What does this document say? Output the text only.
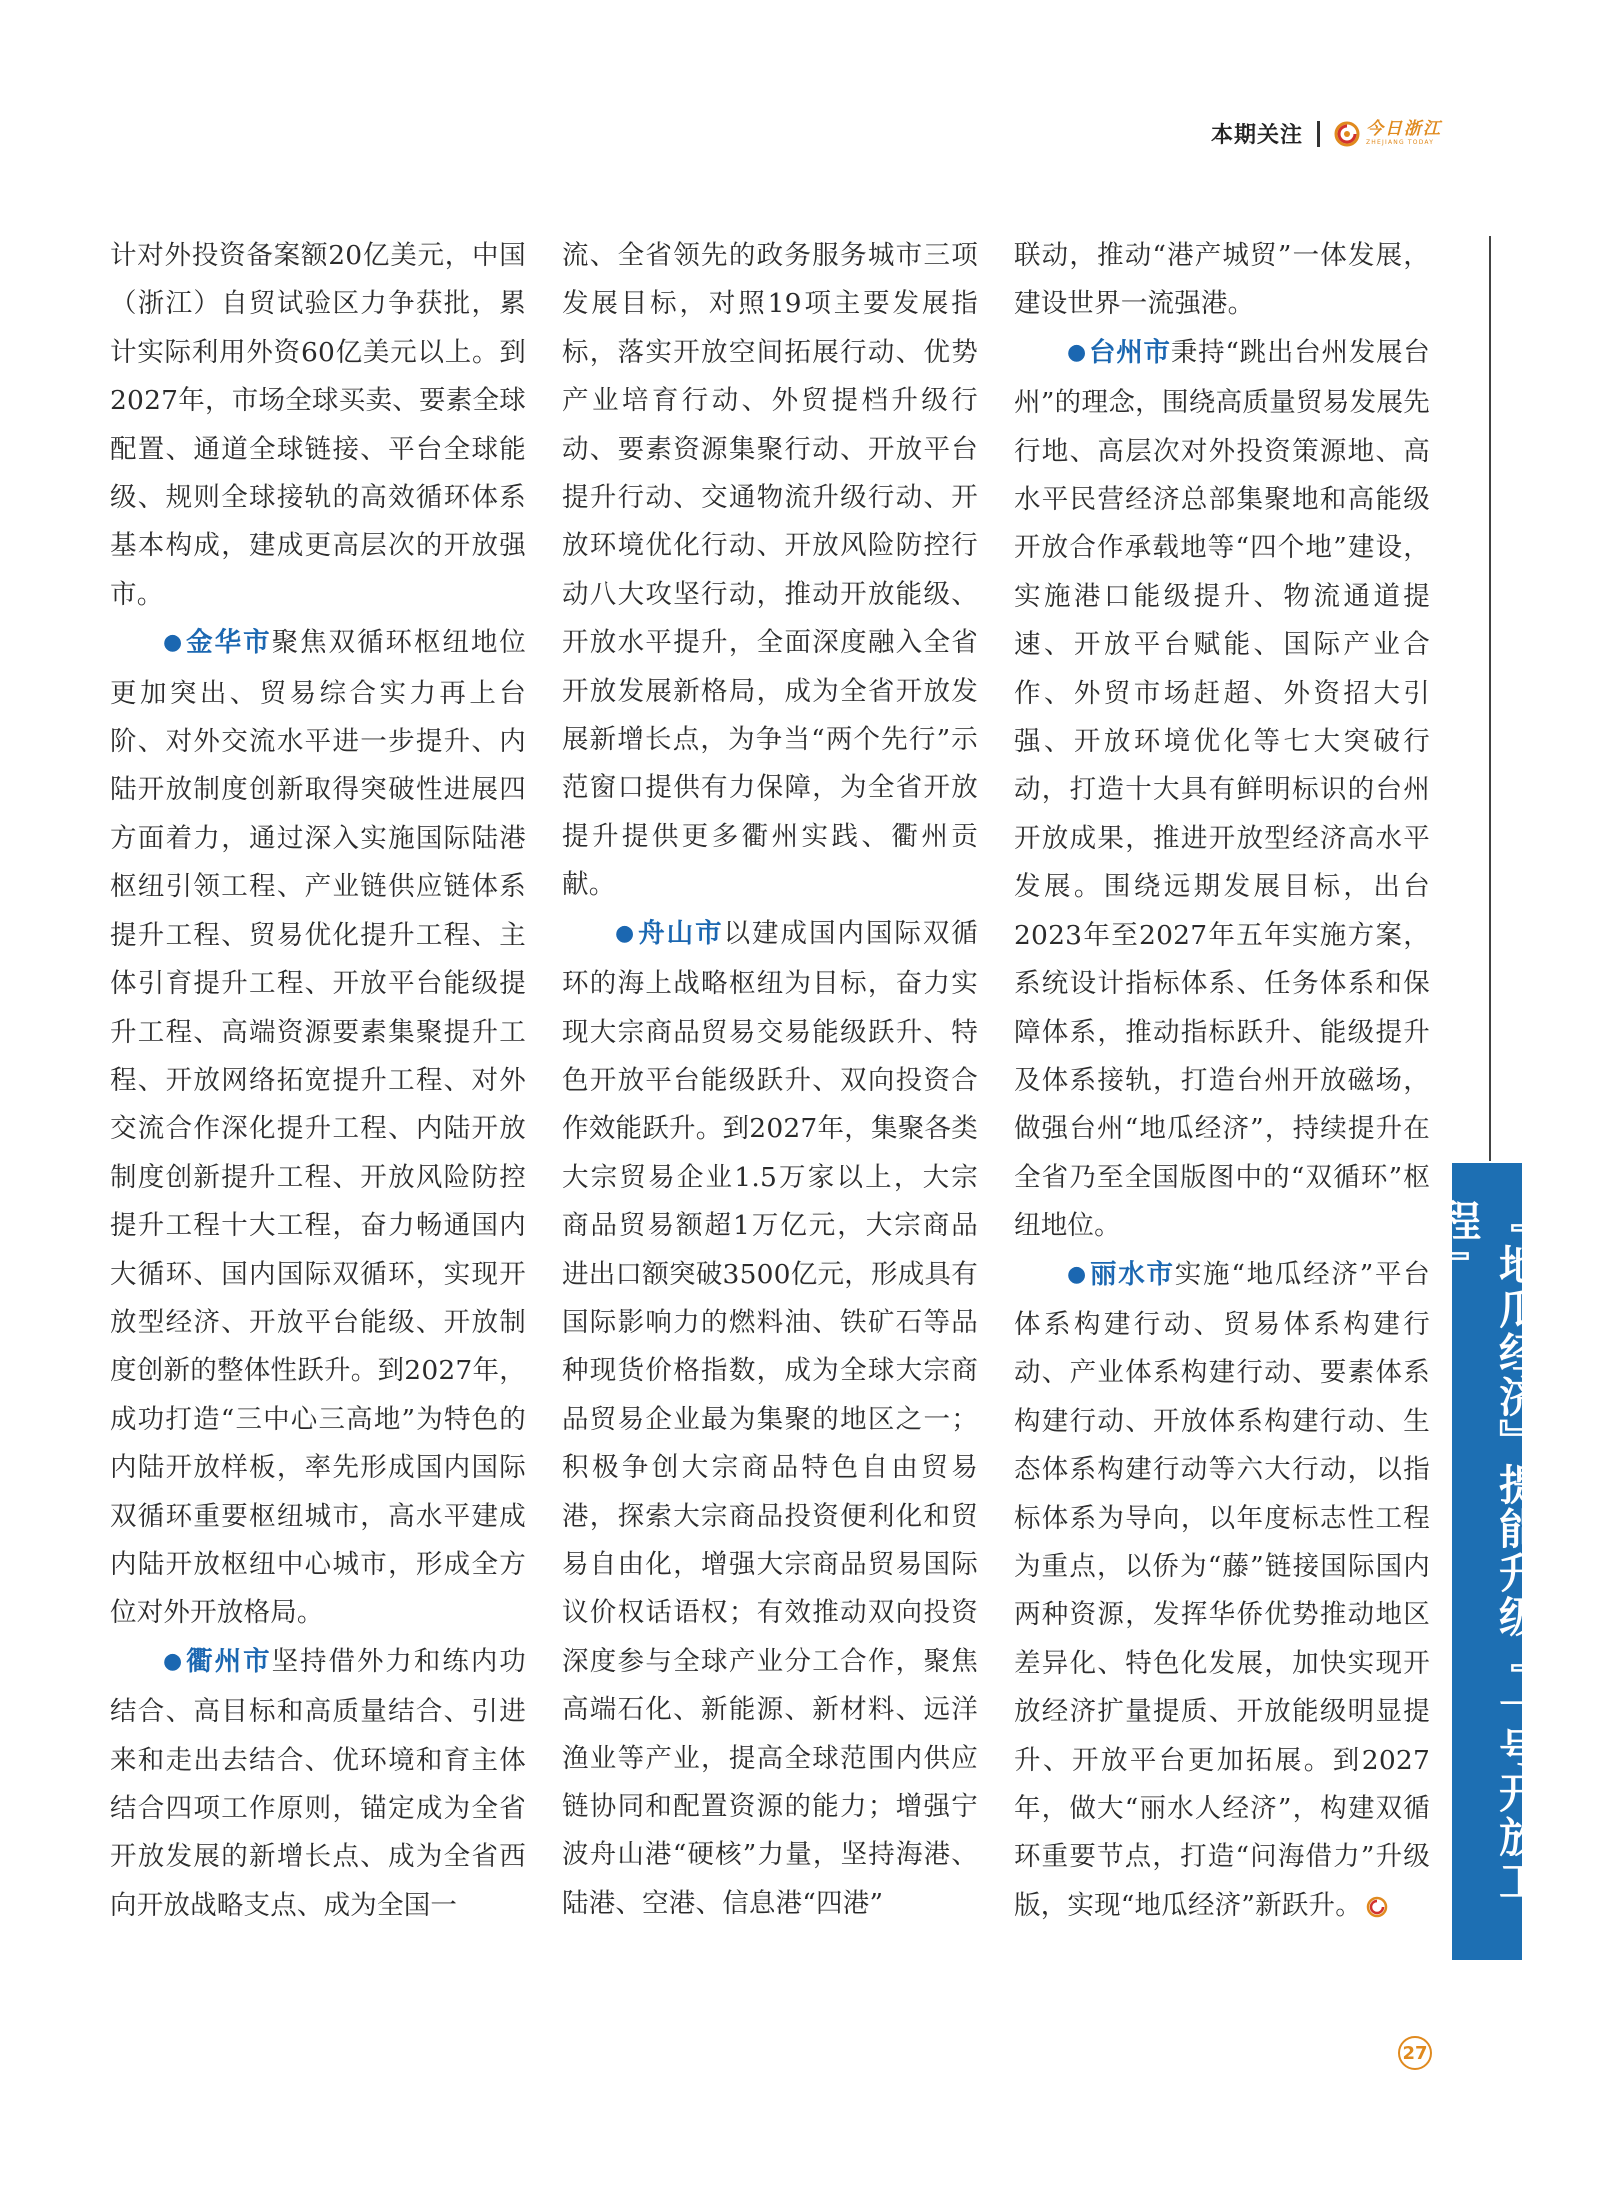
本期关注	今日浙江
ZHEJIANG TODAY

计对外投资备案额20亿美元，中国（浙江）自贸试验区力争获批，累计实际利用外资60亿美元以上。到2027年，市场全球买卖、要素全球配置、通道全球链接、平台全球能级、规则全球接轨的高效循环体系基本构成，建成更高层次的开放强市。

●金华市聚焦双循环枢纽地位更加突出、贸易综合实力再上台阶、对外交流水平进一步提升、内陆开放制度创新取得突破性进展四方面着力，通过深入实施国际陆港枢纽引领工程、产业链供应链体系提升工程、贸易优化提升工程、主体引育提升工程、开放平台能级提升工程、高端资源要素集聚提升工程、开放网络拓宽提升工程、对外交流合作深化提升工程、内陆开放制度创新提升工程、开放风险防控提升工程十大工程，奋力畅通国内大循环、国内国际双循环，实现开放型经济、开放平台能级、开放制度创新的整体性跃升。到2027年，成功打造“三中心三高地”为特色的内陆开放样板，率先形成国内国际双循环重要枢纽城市，高水平建成内陆开放枢纽中心城市，形成全方位对外开放格局。

●衢州市坚持借外力和练内功结合、高目标和高质量结合、引进来和走出去结合、优环境和育主体结合四项工作原则，锚定成为全省开放发展的新增长点、成为全省西向开放战略支点、成为全国一

流、全省领先的政务服务城市三项发展目标，对照19项主要发展指标，落实开放空间拓展行动、优势产业培育行动、外贸提档升级行动、要素资源集聚行动、开放平台提升行动、交通物流升级行动、开放环境优化行动、开放风险防控行动八大攻坚行动，推动开放能级、开放水平提升，全面深度融入全省开放发展新格局，成为全省开放发展新增长点，为争当“两个先行”示范窗口提供有力保障，为全省开放提升提供更多衢州实践、衢州贡献。

●舟山市以建成国内国际双循环的海上战略枢纽为目标，奋力实现大宗商品贸易交易能级跃升、特色开放平台能级跃升、双向投资合作效能跃升。到2027年，集聚各类大宗贸易企业1.5万家以上，大宗商品贸易额超1万亿元，大宗商品进出口额突破3500亿元，形成具有国际影响力的燃料油、铁矿石等品种现货价格指数，成为全球大宗商品贸易企业最为集聚的地区之一；积极争创大宗商品特色自由贸易港，探索大宗商品投资便利化和贸易自由化，增强大宗商品贸易国际议价权话语权；有效推动双向投资深度参与全球产业分工合作，聚焦高端石化、新能源、新材料、远洋渔业等产业，提高全球范围内供应链协同和配置资源的能力；增强宁波舟山港“硬核”力量，坚持海港、陆港、空港、信息港“四港”

联动，推动“港产城贸”一体发展，建设世界一流强港。

●台州市秉持“跳出台州发展台州”的理念，围绕高质量贸易发展先行地、高层次对外投资策源地、高水平民营经济总部集聚地和高能级开放合作承载地等“四个地”建设，实施港口能级提升、物流通道提速、开放平台赋能、国际产业合作、外贸市场赶超、外资招大引强、开放环境优化等七大突破行动，打造十大具有鲜明标识的台州开放成果，推进开放型经济高水平发展。围绕远期发展目标，出台2023年至2027年五年实施方案，系统设计指标体系、任务体系和保障体系，推动指标跃升、能级提升及体系接轨，打造台州开放磁场，做强台州“地瓜经济”，持续提升在全省乃至全国版图中的“双循环”枢纽地位。

●丽水市实施“地瓜经济”平台体系构建行动、贸易体系构建行动、产业体系构建行动、要素体系构建行动、开放体系构建行动、生态体系构建行动等六大行动，以指标体系为导向，以年度标志性工程为重点，以侨为“藤”链接国际国内两种资源，发挥华侨优势推动地区差异化、特色化发展，加快实现开放经济扩量提质、开放能级明显提升、开放平台更加拓展。到2027年，做大“丽水人经济”，构建双循环重要节点，打造“问海借力”升级版，实现“地瓜经济”新跃升。

『地瓜经济』提能升级『一号开放工程』
27
